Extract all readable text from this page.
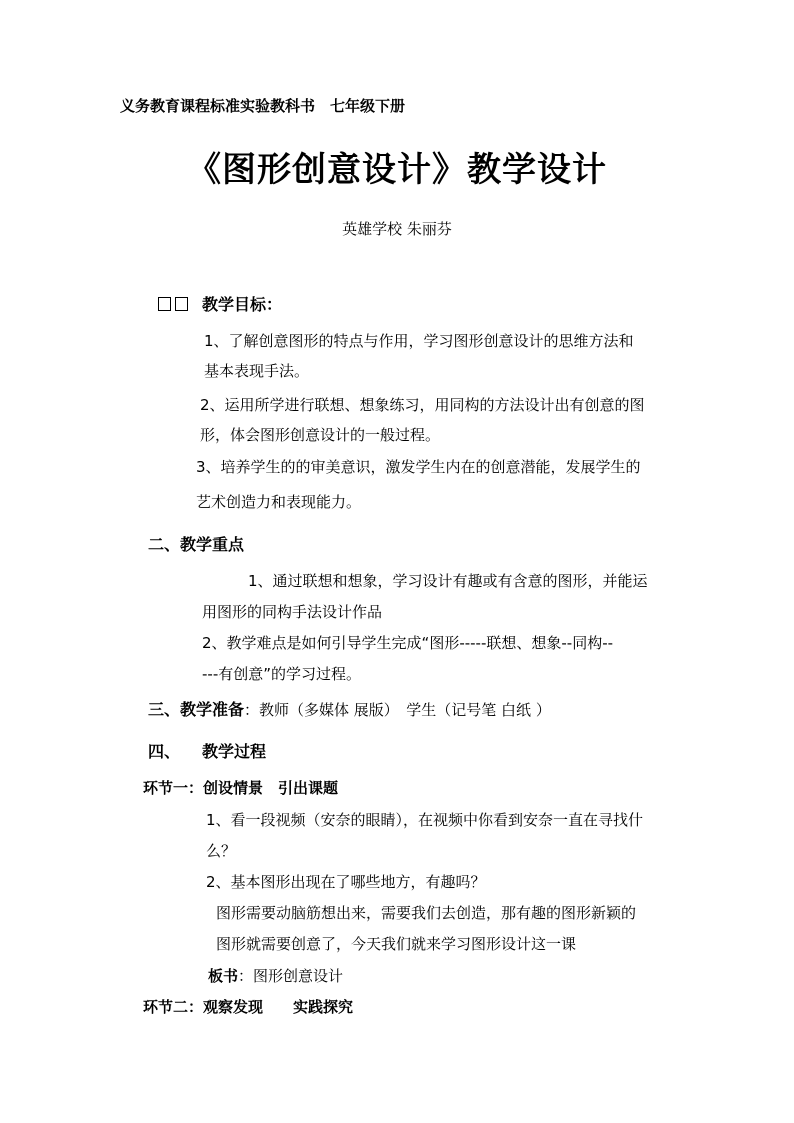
义务教育课程标准实验教科书　七年级下册
《图形创意设计》教学设计
英雄学校 朱丽芬
教学目标：
1、了解创意图形的特点与作用，学习图形创意设计的思维方法和
基本表现手法。
2、运用所学进行联想、想象练习，用同构的方法设计出有创意的图
形，体会图形创意设计的一般过程。
3、培养学生的的审美意识，激发学生内在的创意潜能，发展学生的
艺术创造力和表现能力。
二、教学重点
1、通过联想和想象，学习设计有趣或有含意的图形，并能运
用图形的同构手法设计作品
2、教学难点是如何引导学生完成“图形-----联想、想象--同构--
---有创意”的学习过程。
三、教学准备：教师（多媒体 展版）　学生（记号笔 白纸 ）
四、 教学过程
环节一：创设情景　引出课题
1、看一段视频（安奈的眼睛），在视频中你看到安奈一直在寻找什
么？
2、基本图形出现在了哪些地方，有趣吗？
图形需要动脑筋想出来，需要我们去创造，那有趣的图形新颖的
图形就需要创意了，今天我们就来学习图形设计这一课
板书：图形创意设计
环节二：观察发现　　实践探究
